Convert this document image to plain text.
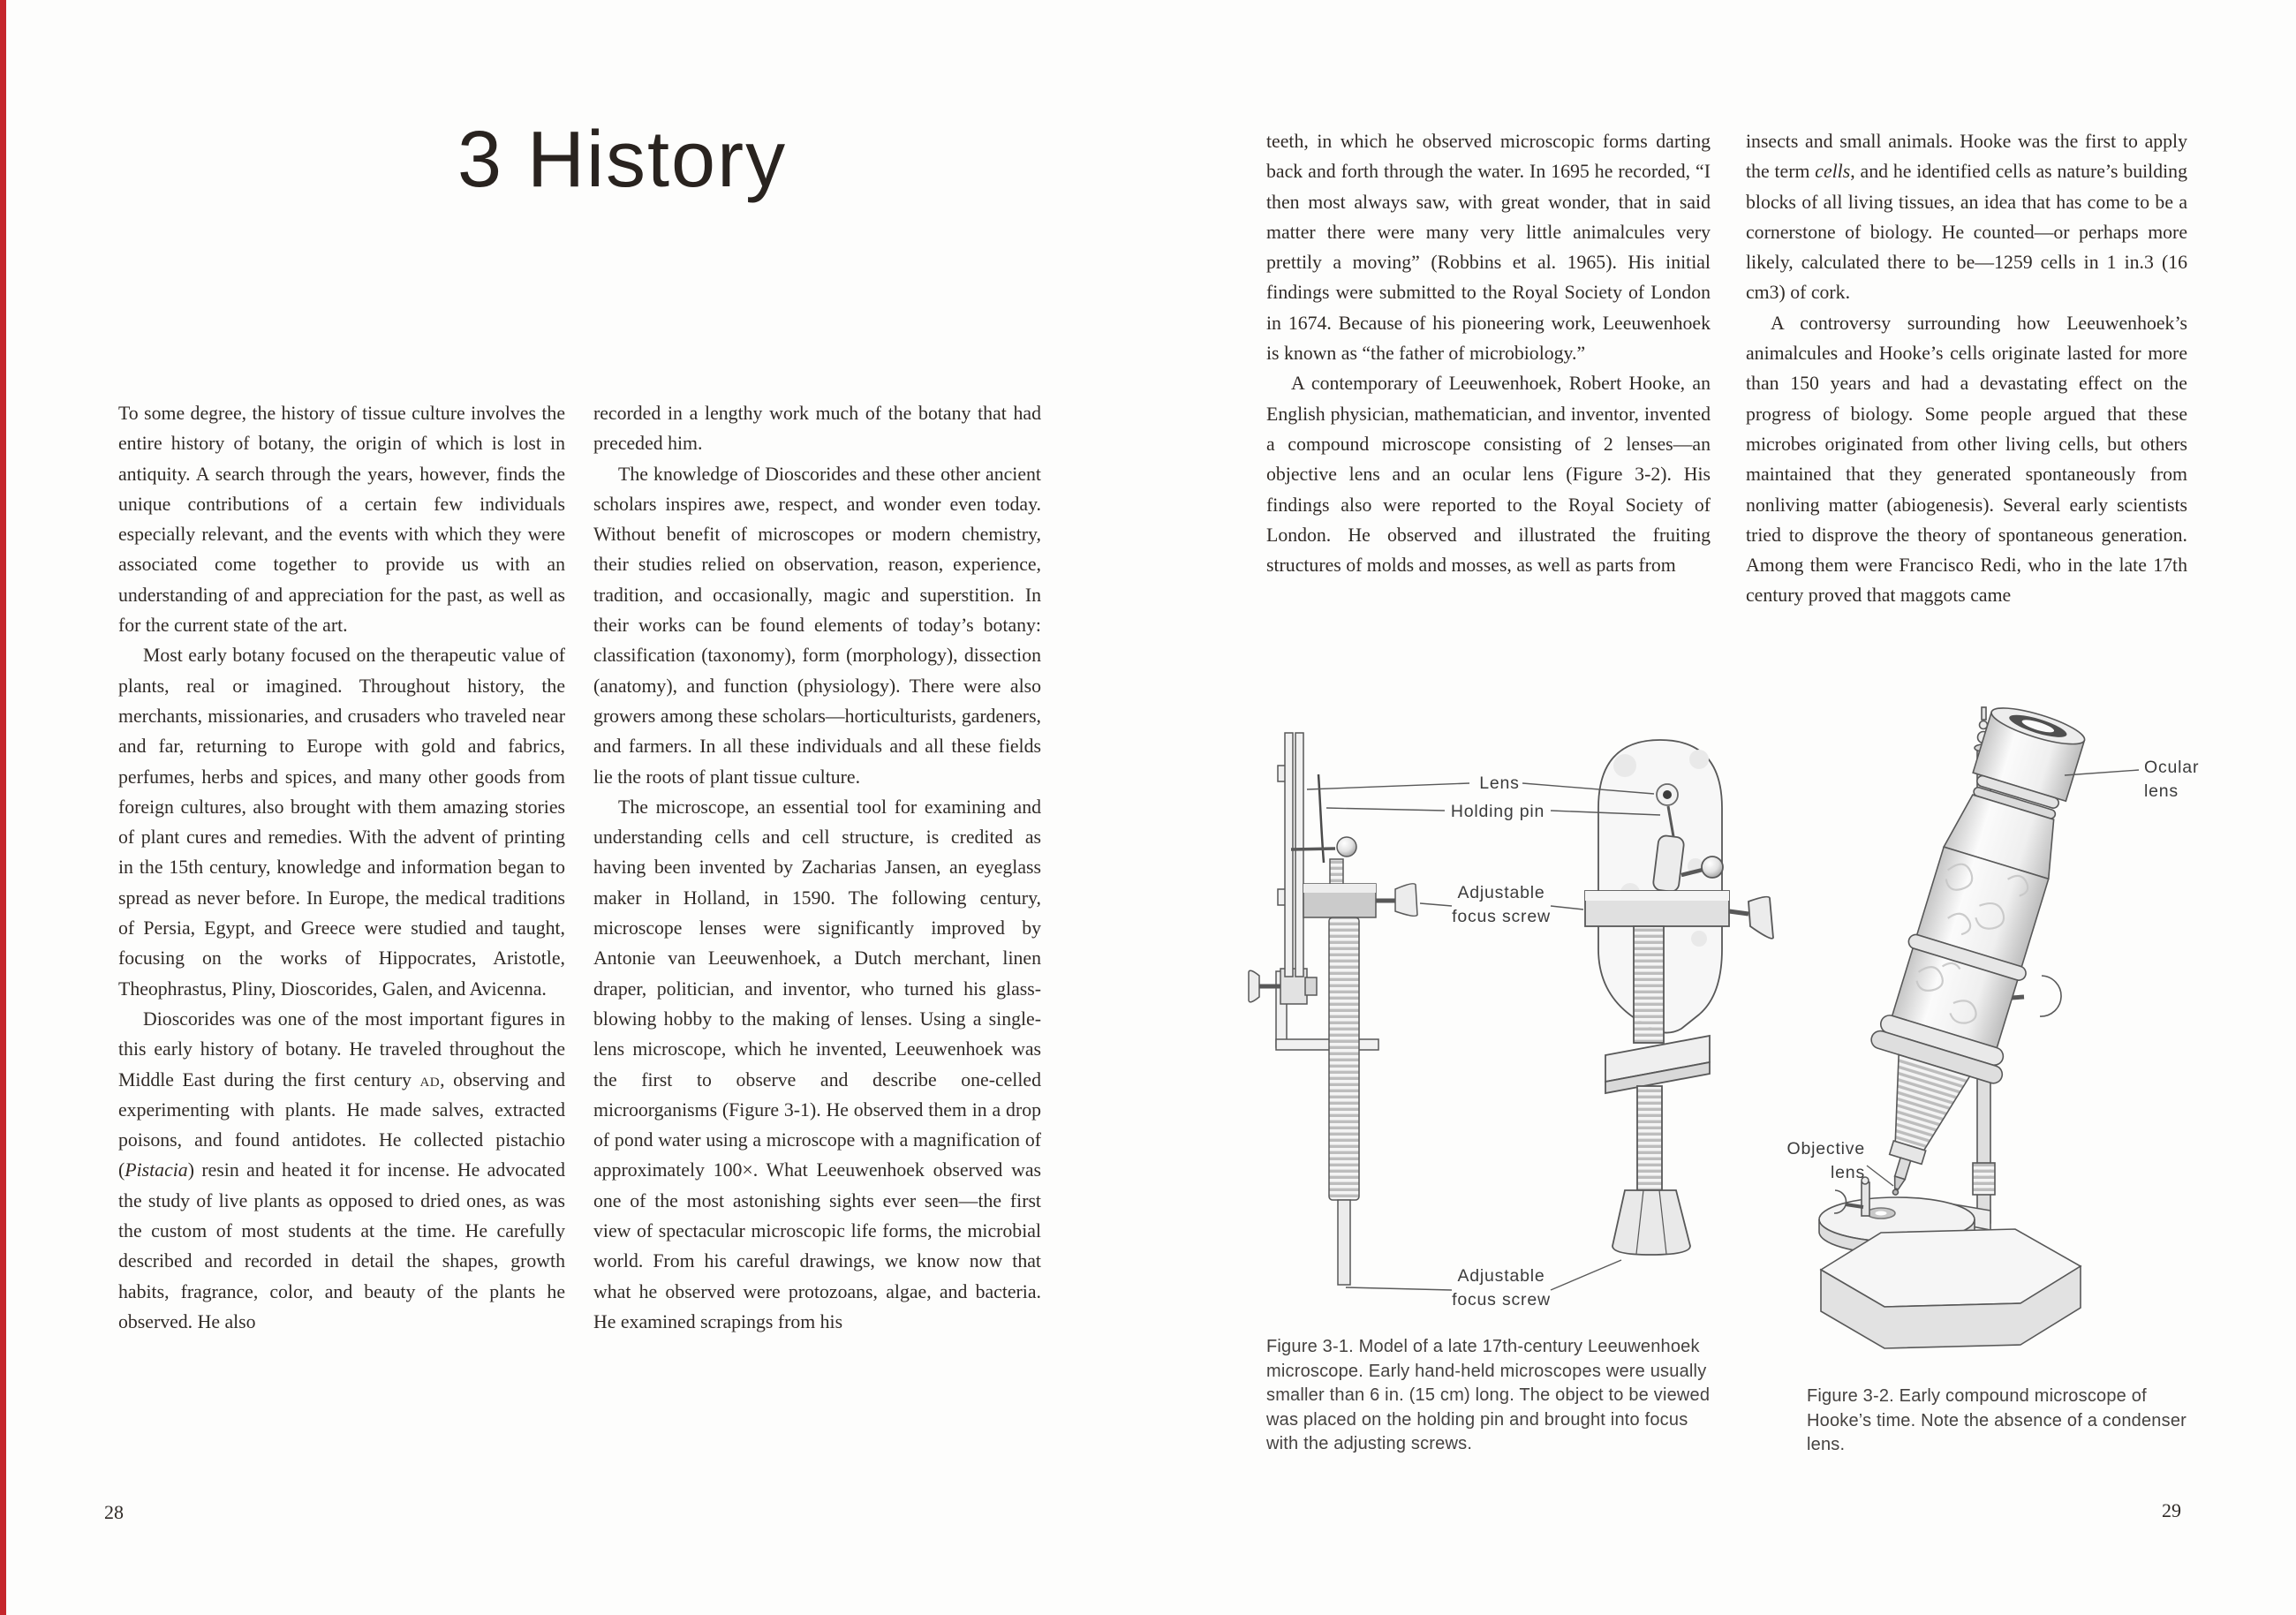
3 History

To some degree, the history of tissue culture involves the entire history of botany, the origin of which is lost in antiquity. A search through the years, however, finds the unique contributions of a certain few individuals especially relevant, and the events with which they were associated come together to provide us with an understanding of and appreciation for the past, as well as for the current state of the art.

Most early botany focused on the therapeutic value of plants, real or imagined. Throughout history, the merchants, missionaries, and crusaders who traveled near and far, returning to Europe with gold and fabrics, perfumes, herbs and spices, and many other goods from foreign cultures, also brought with them amazing stories of plant cures and remedies. With the advent of printing in the 15th century, knowledge and information began to spread as never before. In Europe, the medical traditions of Persia, Egypt, and Greece were studied and taught, focusing on the works of Hippocrates, Aristotle, Theophrastus, Pliny, Dioscorides, Galen, and Avicenna.

Dioscorides was one of the most important figures in this early history of botany. He traveled throughout the Middle East during the first century AD, observing and experimenting with plants. He made salves, extracted poisons, and found antidotes. He collected pistachio (Pistacia) resin and heated it for incense. He advocated the study of live plants as opposed to dried ones, as was the custom of most students at the time. He carefully described and recorded in detail the shapes, growth habits, fragrance, color, and beauty of the plants he observed. He also

recorded in a lengthy work much of the botany that had preceded him.

The knowledge of Dioscorides and these other ancient scholars inspires awe, respect, and wonder even today. Without benefit of microscopes or modern chemistry, their studies relied on observation, reason, experience, tradition, and occasionally, magic and superstition. In their works can be found elements of today’s botany: classification (taxonomy), form (morphology), dissection (anatomy), and function (physiology). There were also growers among these scholars—horticulturists, gardeners, and farmers. In all these individuals and all these fields lie the roots of plant tissue culture.

The microscope, an essential tool for examining and understanding cells and cell structure, is credited as having been invented by Zacharias Jansen, an eyeglass maker in Holland, in 1590. The following century, microscope lenses were significantly improved by Antonie van Leeuwenhoek, a Dutch merchant, linen draper, politician, and inventor, who turned his glass-blowing hobby to the making of lenses. Using a single-lens microscope, which he invented, Leeuwenhoek was the first to observe and describe one-celled microorganisms (Figure 3-1). He observed them in a drop of pond water using a microscope with a magnification of approximately 100×. What Leeuwenhoek observed was one of the most astonishing sights ever seen—the first view of spectacular microscopic life forms, the microbial world. From his careful drawings, we know now that what he observed were protozoans, algae, and bacteria. He examined scrapings from his

teeth, in which he observed microscopic forms darting back and forth through the water. In 1695 he recorded, “I then most always saw, with great wonder, that in said matter there were many very little animalcules very prettily a moving” (Robbins et al. 1965). His initial findings were submitted to the Royal Society of London in 1674. Because of his pioneering work, Leeuwenhoek is known as “the father of microbiology.”

A contemporary of Leeuwenhoek, Robert Hooke, an English physician, mathematician, and inventor, invented a compound microscope consisting of 2 lenses—an objective lens and an ocular lens (Figure 3-2). His findings also were reported to the Royal Society of London. He observed and illustrated the fruiting structures of molds and mosses, as well as parts from

insects and small animals. Hooke was the first to apply the term cells, and he identified cells as nature’s building blocks of all living tissues, an idea that has come to be a cornerstone of biology. He counted—or perhaps more likely, calculated there to be—1259 cells in 1 in.3 (16 cm3) of cork.

A controversy surrounding how Leeuwenhoek’s animalcules and Hooke’s cells originate lasted for more than 150 years and had a devastating effect on the progress of biology. Some people argued that these microbes originated from other living cells, but others maintained that they generated spontaneously from nonliving matter (abiogenesis). Several early scientists tried to disprove the theory of spontaneous generation. Among them were Francisco Redi, who in the late 17th century proved that maggots came

28	29
Lens
Holding pin
Adjustable focus screw
Adjustable focus screw
Ocular lens
Objective lens
Figure 3-1. Model of a late 17th-century Leeuwenhoek microscope. Early hand-held microscopes were usually smaller than 6 in. (15 cm) long. The object to be viewed was placed on the holding pin and brought into focus with the adjusting screws.
Figure 3-2. Early compound microscope of Hooke’s time. Note the absence of a condenser lens.
